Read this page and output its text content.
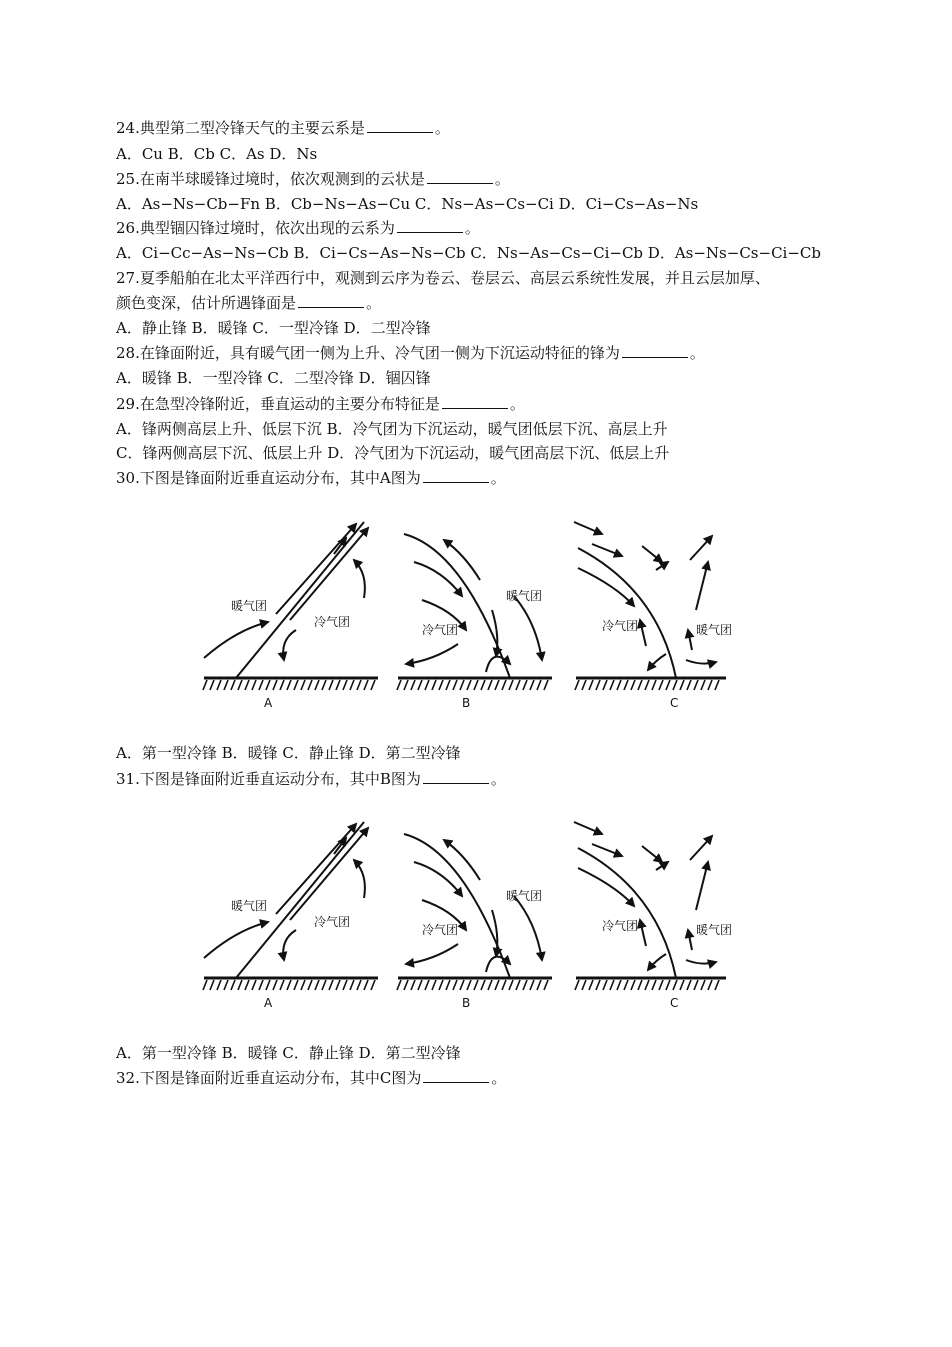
24.典型第二型冷锋天气的主要云系是	。
A．Cu B．Cb C．As D．Ns
25.在南半球暖锋过境时，依次观测到的云状是	。
A．As−Ns−Cb−Fn B．Cb−Ns−As−Cu C．Ns−As−Cs−Ci D．Ci−Cs−As−Ns
26.典型锢囚锋过境时，依次出现的云系为	。
A．Ci−Cc−As−Ns−Cb B．Ci−Cs−As−Ns−Cb C．Ns−As−Cs−Ci−Cb D．As−Ns−Cs−Ci−Cb
27.夏季船舶在北太平洋西行中，观测到云序为卷云、卷层云、高层云系统性发展，并且云层加厚、
颜色变深，估计所遇锋面是	。
A．静止锋 B．暖锋 C．一型冷锋 D．二型冷锋
28.在锋面附近，具有暖气团一侧为上升、冷气团一侧为下沉运动特征的锋为	。
A．暖锋 B．一型冷锋 C．二型冷锋 D．锢囚锋
29.在急型冷锋附近，垂直运动的主要分布特征是	。
A．锋两侧高层上升、低层下沉 B．冷气团为下沉运动，暖气团低层下沉、高层上升
C．锋两侧高层下沉、低层上升 D．冷气团为下沉运动，暖气团高层下沉、低层上升
30.下图是锋面附近垂直运动分布，其中A图为	。
暖气团
冷气团
A
暖气团
冷气团
B
冷气团	暖气团
C
A．第一型冷锋 B．暖锋 C．静止锋 D．第二型冷锋
31.下图是锋面附近垂直运动分布，其中B图为	。
暖气团
冷气团
A
暖气团
冷气团
B
冷气团	暖气团
C
A．第一型冷锋 B．暖锋 C．静止锋 D．第二型冷锋
32.下图是锋面附近垂直运动分布，其中C图为	。
